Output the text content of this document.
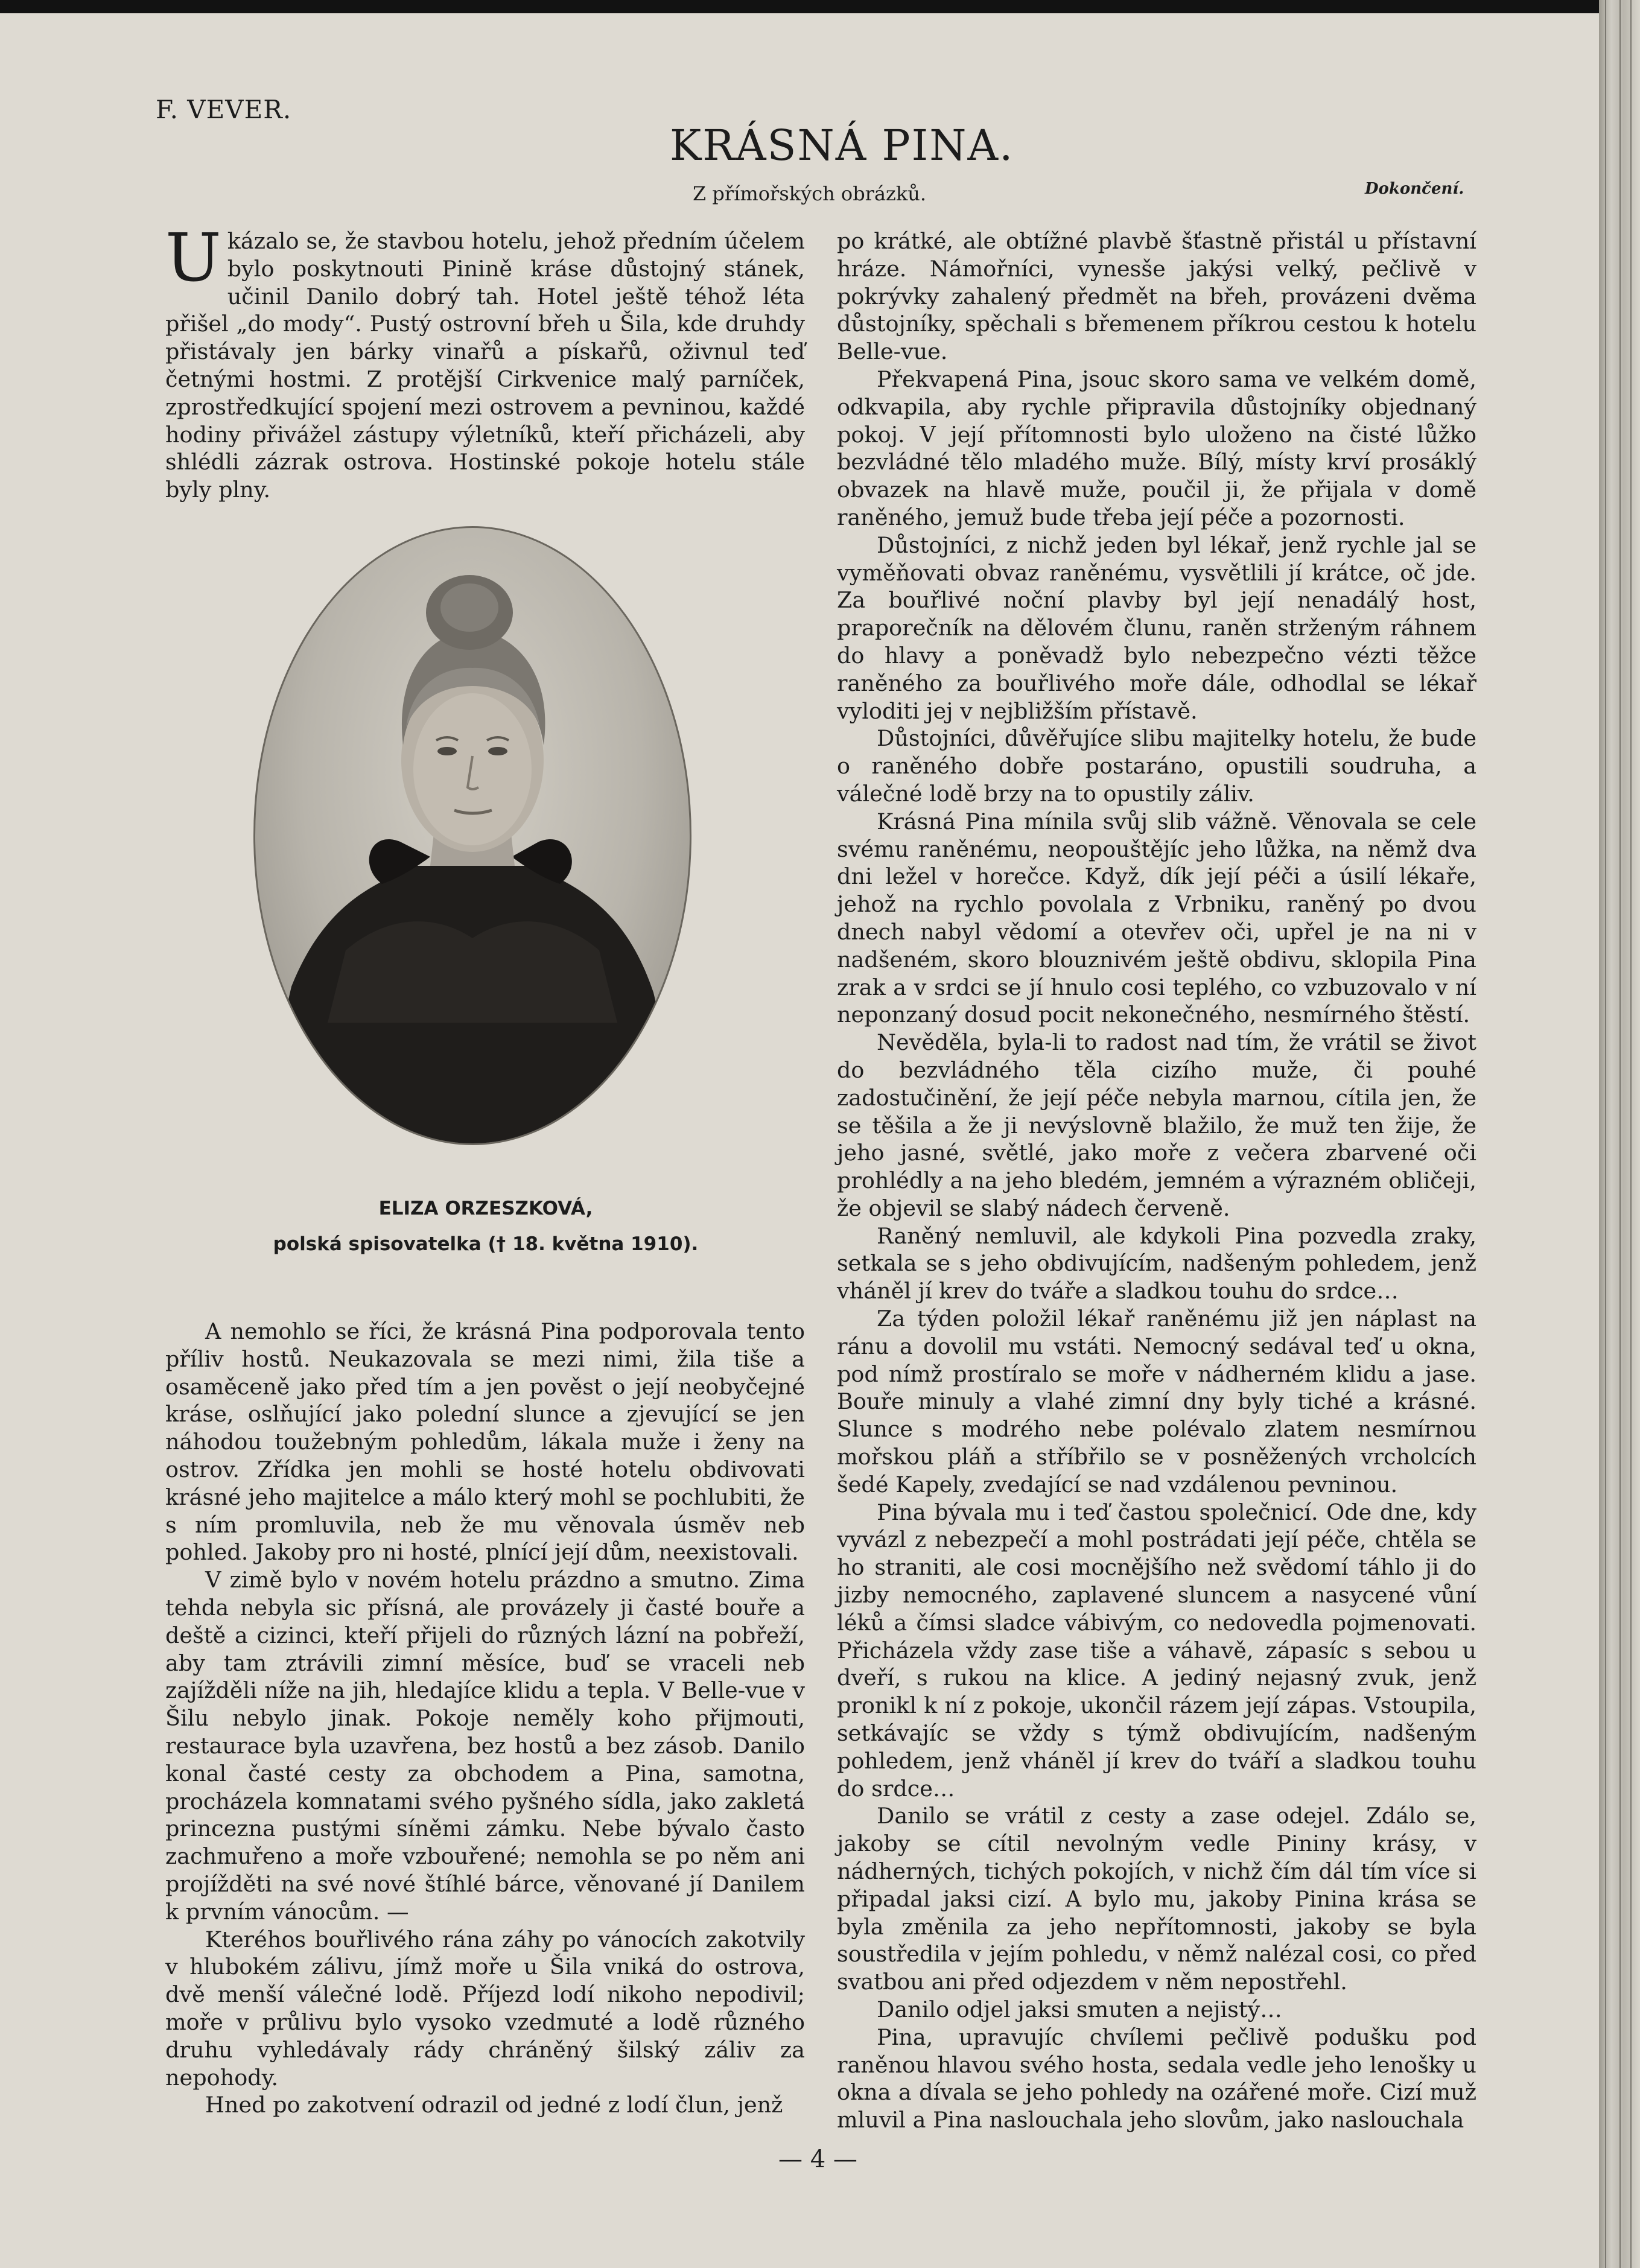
F. VEVER.
KRÁSNÁ PINA.
Z přímořských obrázků.	Dokončení.

Ukázalo se, že stavbou hotelu, jehož předním účelem bylo poskytnouti Pinině kráse důstojný stánek, učinil Danilo dobrý tah. Hotel ještě téhož léta přišel „do mody“. Pustý ostrovní břeh u Šila, kde druhdy přistávaly jen bárky vinařů a pískařů, oživnul teď četnými hostmi. Z protější Cirkvenice malý parníček, zprostředkující spojení mezi ostrovem a pevninou, každé hodiny přivážel zástupy výletníků, kteří přicházeli, aby shlédli zázrak ostrova. Hostinské pokoje hotelu stále byly plny.

ELIZA ORZESZKOVÁ,
polská spisovatelka († 18. května 1910).

A nemohlo se říci, že krásná Pina podporovala tento příliv hostů. Neukazovala se mezi nimi, žila tiše a osaměceně jako před tím a jen pověst o její neobyčejné kráse, oslňující jako polední slunce a zjevující se jen náhodou toužebným pohledům, lákala muže i ženy na ostrov. Zřídka jen mohli se hosté hotelu obdivovati krásné jeho majitelce a málo který mohl se pochlubiti, že s ním promluvila, neb že mu věnovala úsměv neb pohled. Jakoby pro ni hosté, plnící její dům, neexistovali.

V zimě bylo v novém hotelu prázdno a smutno. Zima tehda nebyla sic přísná, ale provázely ji časté bouře a deště a cizinci, kteří přijeli do různých lázní na pobřeží, aby tam ztrávili zimní měsíce, buď se vraceli neb zajížděli níže na jih, hledajíce klidu a tepla. V Belle-vue v Šilu nebylo jinak. Pokoje neměly koho přijmouti, restaurace byla uzavřena, bez hostů a bez zásob. Danilo konal časté cesty za obchodem a Pina, samotna, procházela komnatami svého pyšného sídla, jako zakletá princezna pustými síněmi zámku. Nebe bývalo často zachmuřeno a moře vzbouřené; nemohla se po něm ani projížděti na své nové štíhlé bárce, věnované jí Danilem k prvním vánocům. —

Kteréhos bouřlivého rána záhy po vánocích zakotvily v hlubokém zálivu, jímž moře u Šila vniká do ostrova, dvě menší válečné lodě. Příjezd lodí nikoho nepodivil; moře v průlivu bylo vysoko vzedmuté a lodě různého druhu vyhledávaly rády chráněný šilský záliv za nepohody.

Hned po zakotvení odrazil od jedné z lodí člun, jenž

po krátké, ale obtížné plavbě šťastně přistál u přístavní hráze. Námořníci, vynesše jakýsi velký, pečlivě v pokrývky zahalený předmět na břeh, provázeni dvěma důstojníky, spěchali s břemenem příkrou cestou k hotelu Belle-vue.

Překvapená Pina, jsouc skoro sama ve velkém domě, odkvapila, aby rychle připravila důstojníky objednaný pokoj. V její přítomnosti bylo uloženo na čisté lůžko bezvládné tělo mladého muže. Bílý, místy krví prosáklý obvazek na hlavě muže, poučil ji, že přijala v domě raněného, jemuž bude třeba její péče a pozornosti.

Důstojníci, z nichž jeden byl lékař, jenž rychle jal se vyměňovati obvaz raněnému, vysvětlili jí krátce, oč jde. Za bouřlivé noční plavby byl její nenadálý host, praporečník na dělovém člunu, raněn strženým ráhnem do hlavy a poněvadž bylo nebezpečno vézti těžce raněného za bouřlivého moře dále, odhodlal se lékař vyloditi jej v nejbližším přístavě.

Důstojníci, důvěřujíce slibu majitelky hotelu, že bude o raněného dobře postaráno, opustili soudruha, a válečné lodě brzy na to opustily záliv.

Krásná Pina mínila svůj slib vážně. Věnovala se cele svému raněnému, neopouštějíc jeho lůžka, na němž dva dni ležel v horečce. Když, dík její péči a úsilí lékaře, jehož na rychlo povolala z Vrbniku, raněný po dvou dnech nabyl vědomí a otevřev oči, upřel je na ni v nadšeném, skoro blouznivém ještě obdivu, sklopila Pina zrak a v srdci se jí hnulo cosi teplého, co vzbuzovalo v ní neponzaný dosud pocit nekonečného, nesmírného štěstí.

Nevěděla, byla-li to radost nad tím, že vrátil se život do bezvládného těla cizího muže, či pouhé zadostučinění, že její péče nebyla marnou, cítila jen, že se těšila a že ji nevýslovně blažilo, že muž ten žije, že jeho jasné, světlé, jako moře z večera zbarvené oči prohlédly a na jeho bledém, jemném a výrazném obličeji, že objevil se slabý nádech červeně.

Raněný nemluvil, ale kdykoli Pina pozvedla zraky, setkala se s jeho obdivujícím, nadšeným pohledem, jenž vháněl jí krev do tváře a sladkou touhu do srdce…

Za týden položil lékař raněnému již jen náplast na ránu a dovolil mu vstáti. Nemocný sedával teď u okna, pod nímž prostíralo se moře v nádherném klidu a jase. Bouře minuly a vlahé zimní dny byly tiché a krásné. Slunce s modrého nebe polévalo zlatem nesmírnou mořskou pláň a stříbřilo se v posněžených vrcholcích šedé Kapely, zvedající se nad vzdálenou pevninou.

Pina bývala mu i teď častou společnicí. Ode dne, kdy vyvázl z nebezpečí a mohl postrádati její péče, chtěla se ho straniti, ale cosi mocnějšího než svědomí táhlo ji do jizby nemocného, zaplavené sluncem a nasycené vůní léků a čímsi sladce vábivým, co nedovedla pojmenovati. Přicházela vždy zase tiše a váhavě, zápasíc s sebou u dveří, s rukou na klice. A jediný nejasný zvuk, jenž pronikl k ní z pokoje, ukončil rázem její zápas. Vstoupila, setkávajíc se vždy s týmž obdivujícím, nadšeným pohledem, jenž vháněl jí krev do tváří a sladkou touhu do srdce…

Danilo se vrátil z cesty a zase odejel. Zdálo se, jakoby se cítil nevolným vedle Pininy krásy, v nádherných, tichých pokojích, v nichž čím dál tím více si připadal jaksi cizí. A bylo mu, jakoby Pinina krása se byla změnila za jeho nepřítomnosti, jakoby se byla soustředila v jejím pohledu, v němž nalézal cosi, co před svatbou ani před odjezdem v něm nepostřehl.

Danilo odjel jaksi smuten a nejistý…

Pina, upravujíc chvílemi pečlivě podušku pod raněnou hlavou svého hosta, sedala vedle jeho lenošky u okna a dívala se jeho pohledy na ozářené moře. Cizí muž mluvil a Pina naslouchala jeho slovům, jako naslouchala

— 4 —
